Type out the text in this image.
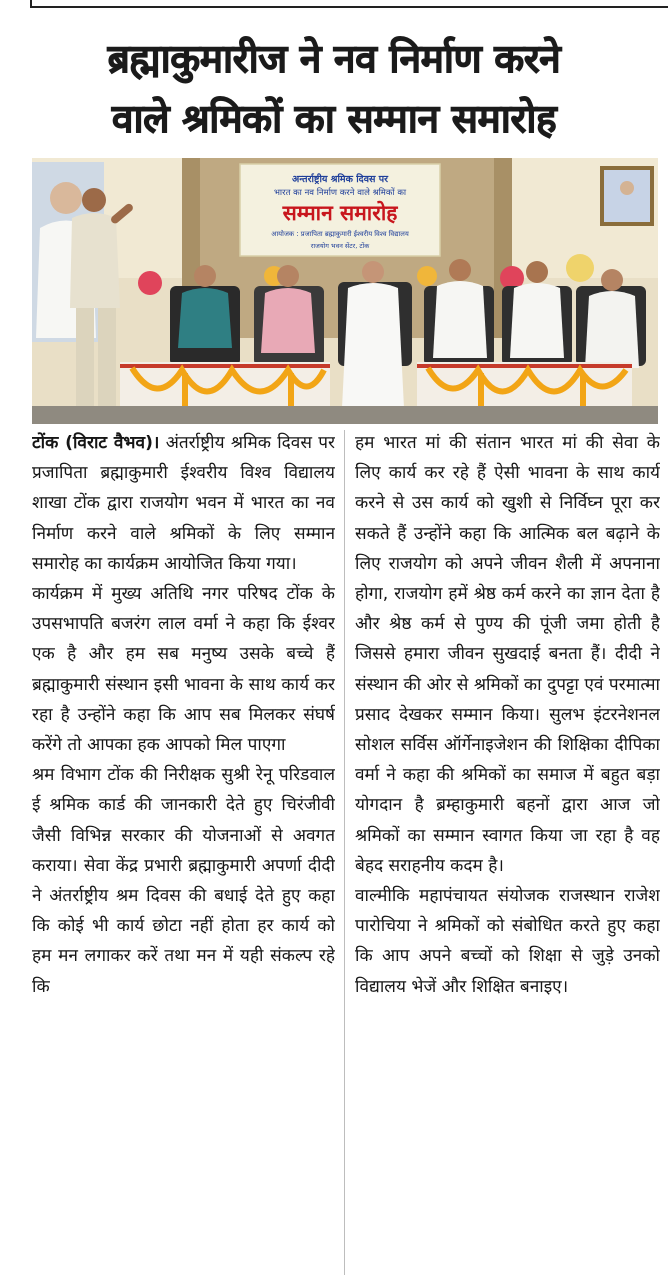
ब्रह्माकुमारीज ने नव निर्माण करने
वाले श्रमिकों का सम्मान समारोह
अन्तर्राष्ट्रीय श्रमिक दिवस पर
भारत का नव निर्माण करने वाले श्रमिकों का
सम्मान समारोह
आयोजक : प्रजापिता ब्रह्माकुमारी ईश्वरीय विश्व विद्यालय
राजयोग भवन सेंटर, टोंक

टोंक (विराट वैभव)। अंतर्राष्ट्रीय श्रमिक दिवस पर प्रजापिता ब्रह्माकुमारी ईश्वरीय विश्व विद्यालय शाखा टोंक द्वारा राजयोग भवन में भारत का नव निर्माण करने वाले श्रमिकों के लिए सम्मान समारोह का कार्यक्रम आयोजित किया गया।

कार्यक्रम में मुख्य अतिथि नगर परिषद टोंक के उपसभापति बजरंग लाल वर्मा ने कहा कि ईश्वर एक है और हम सब मनुष्य उसके बच्चे हैं ब्रह्माकुमारी संस्थान इसी भावना के साथ कार्य कर रहा है उन्होंने कहा कि आप सब मिलकर संघर्ष करेंगे तो आपका हक आपको मिल पाएगा

श्रम विभाग टोंक की निरीक्षक सुश्री रेनू परिडवाल ई श्रमिक कार्ड की जानकारी देते हुए चिरंजीवी जैसी विभिन्न सरकार की योजनाओं से अवगत कराया। सेवा केंद्र प्रभारी ब्रह्माकुमारी अपर्णा दीदी ने अंतर्राष्ट्रीय श्रम दिवस की बधाई देते हुए कहा कि कोई भी कार्य छोटा नहीं होता हर कार्य को हम मन लगाकर करें तथा मन में यही संकल्प रहे कि

हम भारत मां की संतान भारत मां की सेवा के लिए कार्य कर रहे हैं ऐसी भावना के साथ कार्य करने से उस कार्य को खुशी से निर्विघ्न पूरा कर सकते हैं उन्होंने कहा कि आत्मिक बल बढ़ाने के लिए राजयोग को अपने जीवन शैली में अपनाना होगा, राजयोग हमें श्रेष्ठ कर्म करने का ज्ञान देता है और श्रेष्ठ कर्म से पुण्य की पूंजी जमा होती है जिससे हमारा जीवन सुखदाई बनता हैं। दीदी ने संस्थान की ओर से श्रमिकों का दुपट्टा एवं परमात्मा प्रसाद देखकर सम्मान किया। सुलभ इंटरनेशनल सोशल सर्विस ऑर्गेनाइजेशन की शिक्षिका दीपिका वर्मा ने कहा की श्रमिकों का समाज में बहुत बड़ा योगदान है ब्रम्हाकुमारी बहनों द्वारा आज जो श्रमिकों का सम्मान स्वागत किया जा रहा है वह बेहद सराहनीय कदम है।

वाल्मीकि महापंचायत संयोजक राजस्थान राजेश पारोचिया ने श्रमिकों को संबोधित करते हुए कहा कि आप अपने बच्चों को शिक्षा से जुड़े उनको विद्यालय भेजें और शिक्षित बनाइए।
